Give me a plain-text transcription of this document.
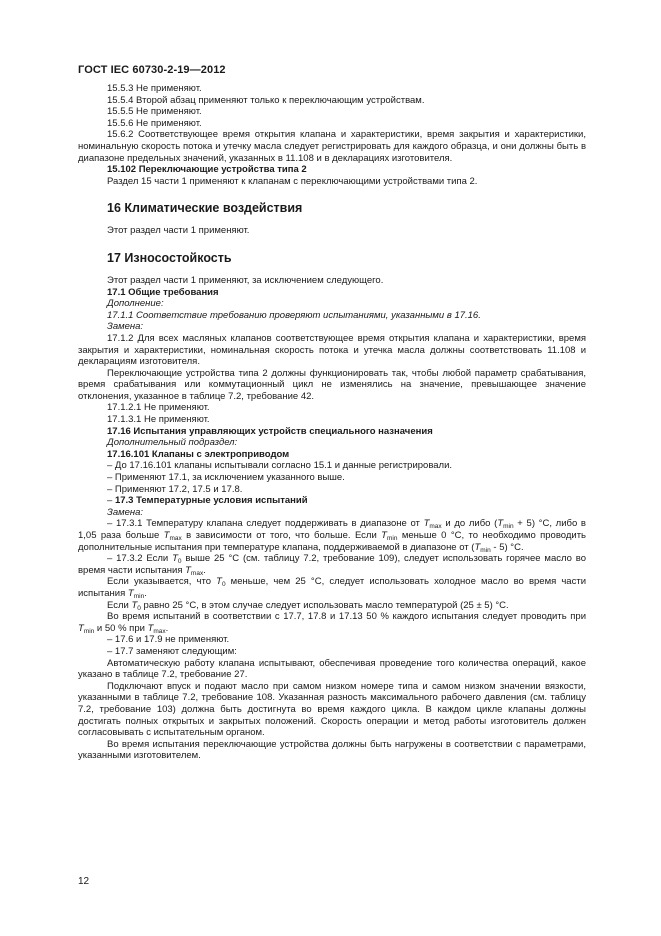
ГОСТ IEC 60730-2-19—2012

15.5.3 Не применяют.

15.5.4 Второй абзац применяют только к переключающим устройствам.

15.5.5 Не применяют.

15.5.6 Не применяют.

15.6.2 Соответствующее время открытия клапана и характеристики, время закрытия и характеристики, номинальную скорость потока и утечку масла следует регистрировать для каждого образца, и они должны быть в диапазоне предельных значений, указанных в 11.108 и в декларациях изготовителя.

15.102 Переключающие устройства типа 2

Раздел 15 части 1 применяют к клапанам с переключающими устройствами типа 2.

16 Климатические воздействия

Этот раздел части 1 применяют.

17 Износостойкость

Этот раздел части 1 применяют, за исключением следующего.

17.1 Общие требования

Дополнение:

17.1.1 Соответствие требованию проверяют испытаниями, указанными в 17.16.

Замена:

17.1.2 Для всех масляных клапанов соответствующее время открытия клапана и характеристики, время закрытия и характеристики, номинальная скорость потока и утечка масла должны соответствовать 11.108 и декларациям изготовителя.

Переключающие устройства типа 2 должны функционировать так, чтобы любой параметр срабатывания, время срабатывания или коммутационный цикл не изменялись на значение, превышающее значение отклонения, указанное в таблице 7.2, требование 42.

17.1.2.1 Не применяют.

17.1.3.1 Не применяют.

17.16 Испытания управляющих устройств специального назначения

Дополнительный подраздел:

17.16.101 Клапаны с электроприводом

– До 17.16.101 клапаны испытывали согласно 15.1 и данные регистрировали.

– Применяют 17.1, за исключением указанного выше.

– Применяют 17.2, 17.5 и 17.8.

– 17.3 Температурные условия испытаний

Замена:

– 17.3.1 Температуру клапана следует поддерживать в диапазоне от $T_{max}$ и до либо $(T_{min} + 5)$ °С, либо в 1,05 раза больше $T_{max}$ в зависимости от того, что больше. Если $T_{min}$ меньше 0 °С, то необходимо проводить дополнительные испытания при температуре клапана, поддерживаемой в диапазоне от $(T_{min} - 5)$ °С.

– 17.3.2 Если $T_0$ выше 25 °С (см. таблицу 7.2, требование 109), следует использовать горячее масло во время части испытания $T_{max}$.

Если указывается, что $T_0$ меньше, чем 25 °С, следует использовать холодное масло во время части испытания $T_{min}$.

Если $T_0$ равно 25 °С, в этом случае следует использовать масло температурой (25 ± 5) °С.

Во время испытаний в соответствии с 17.7, 17.8 и 17.13 50 % каждого испытания следует проводить при $T_{min}$ и 50 % при $T_{max}$.

– 17.6 и 17.9 не применяют.

– 17.7 заменяют следующим:

Автоматическую работу клапана испытывают, обеспечивая проведение того количества операций, какое указано в таблице 7.2, требование 27.

Подключают впуск и подают масло при самом низком номере типа и самом низком значении вязкости, указанными в таблице 7.2, требование 108. Указанная разность максимального рабочего давления (см. таблицу 7.2, требование 103) должна быть достигнута во время каждого цикла. В каждом цикле клапаны должны достигать полных открытых и закрытых положений. Скорость операции и метод работы изготовитель должен согласовывать с испытательным органом.

Во время испытания переключающие устройства должны быть нагружены в соответствии с параметрами, указанными изготовителем.

12
